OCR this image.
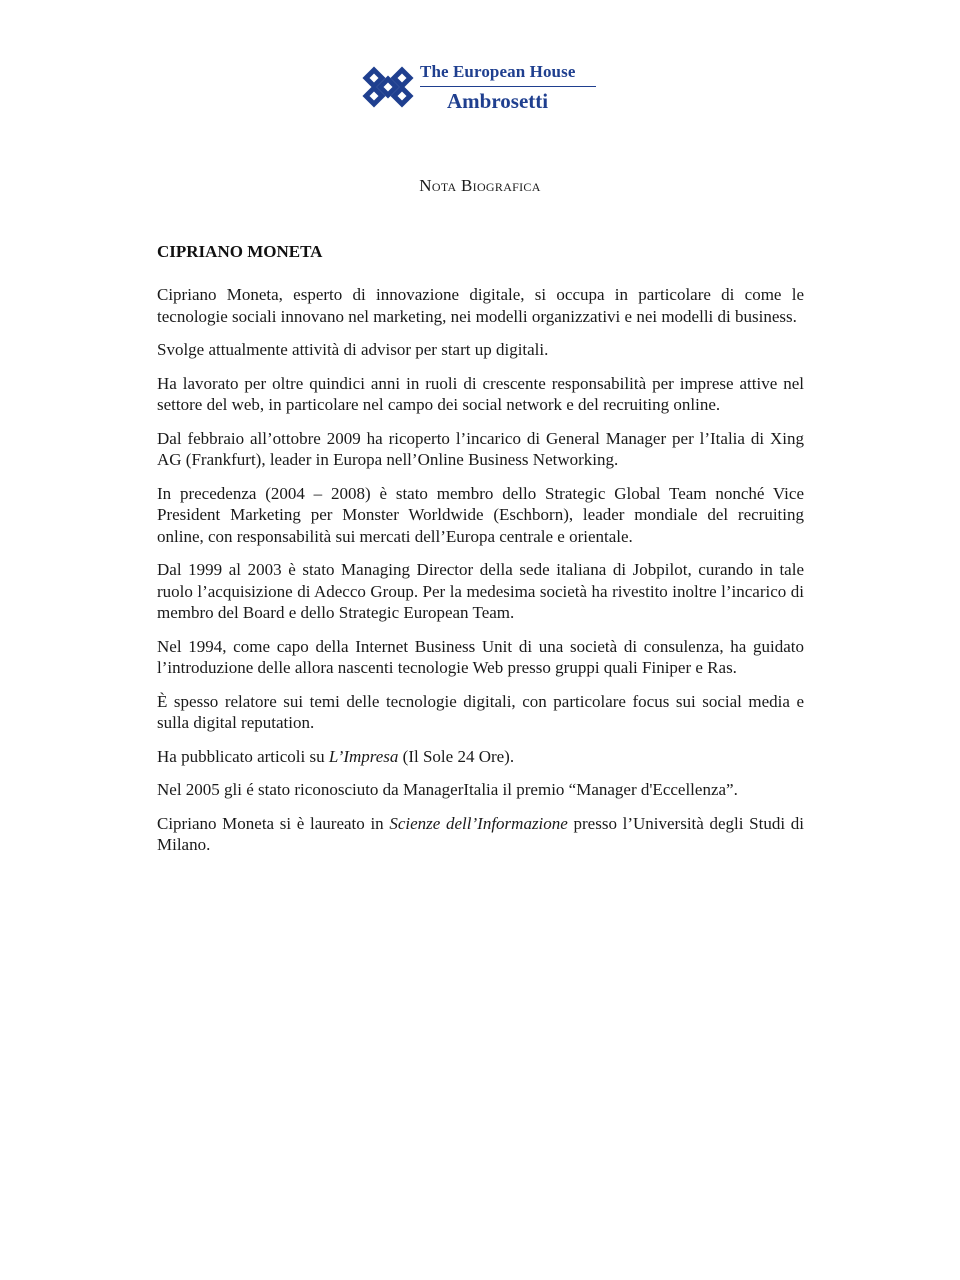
The European House
Ambrosetti
Nota Biografica
CIPRIANO MONETA

Cipriano Moneta, esperto di innovazione digitale, si occupa in particolare di come le tecnologie sociali innovano nel marketing, nei modelli organizzativi e nei modelli di business.

Svolge attualmente attività di advisor per start up digitali.

Ha lavorato per oltre quindici anni in ruoli di crescente responsabilità per imprese attive nel settore del web, in particolare nel campo dei social network e del recruiting online.

Dal febbraio all’ottobre 2009 ha ricoperto l’incarico di General Manager per l’Italia di Xing AG (Frankfurt), leader in Europa nell’Online Business Networking.

In precedenza (2004 – 2008) è stato membro dello Strategic Global Team nonché Vice President Marketing per Monster Worldwide (Eschborn), leader mondiale del recruiting online, con responsabilità sui mercati dell’Europa centrale e orientale.

Dal 1999 al 2003 è stato Managing Director della sede italiana di Jobpilot, curando in tale ruolo l’acquisizione di Adecco Group. Per la medesima società ha rivestito inoltre l’incarico di membro del Board e dello Strategic European Team.

Nel 1994, come capo della Internet Business Unit di una società di consulenza, ha guidato l’introduzione delle allora nascenti tecnologie Web presso gruppi quali Finiper e Ras.

È spesso relatore sui temi delle tecnologie digitali, con particolare focus sui social media e sulla digital reputation.

Ha pubblicato articoli su L’Impresa (Il Sole 24 Ore).

Nel 2005 gli é stato riconosciuto da ManagerItalia il premio “Manager d'Eccellenza”.

Cipriano Moneta si è laureato in Scienze dell’Informazione presso l’Università degli Studi di Milano.
